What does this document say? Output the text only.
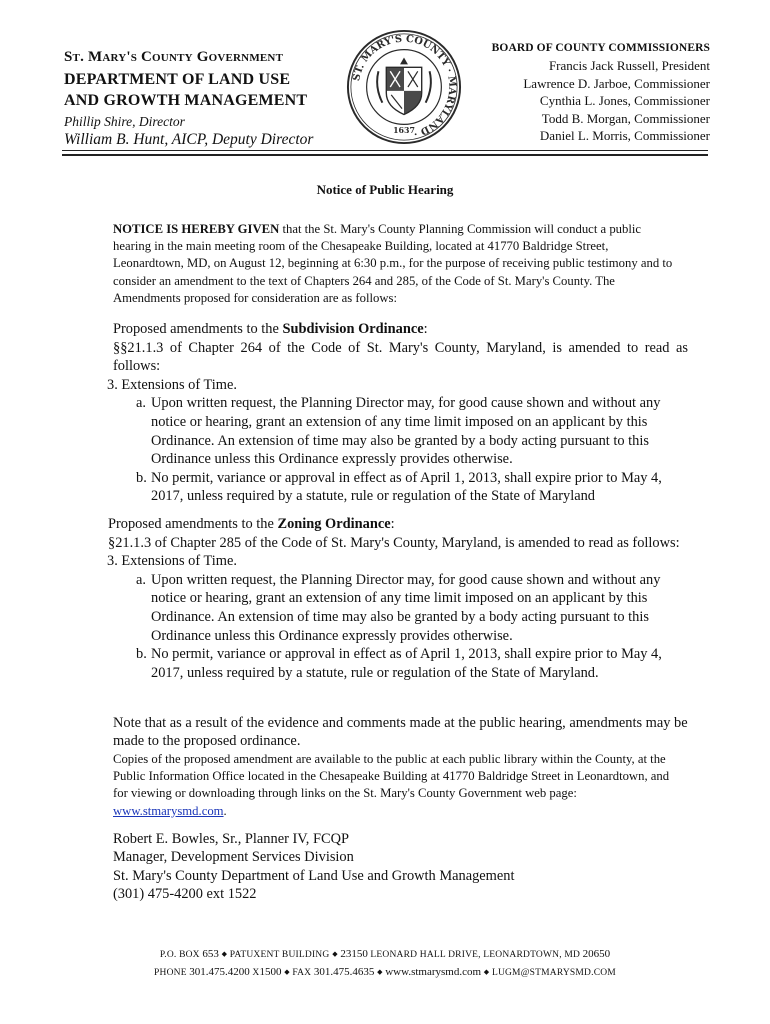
St. Mary's County Government
DEPARTMENT OF LAND USE
AND GROWTH MANAGEMENT
Phillip Shire, Director
William B. Hunt, AICP, Deputy Director
ST. MARY'S COUNTY · MARYLAND ·
1637
BOARD OF COUNTY COMMISSIONERS
Francis Jack Russell, President
Lawrence D. Jarboe, Commissioner
Cynthia L. Jones, Commissioner
Todd B. Morgan, Commissioner
Daniel L. Morris, Commissioner
Notice of Public Hearing

NOTICE IS HEREBY GIVEN that the St. Mary's County Planning Commission will conduct a public hearing in the main meeting room of the Chesapeake Building, located at 41770 Baldridge Street, Leonardtown, MD, on August 12, beginning at 6:30 p.m., for the purpose of receiving public testimony and to consider an amendment to the text of Chapters 264 and 285, of the Code of St. Mary's County. The Amendments proposed for consideration are as follows:

Proposed amendments to the Subdivision Ordinance:
§§21.1.3 of Chapter 264 of the Code of St. Mary's County, Maryland, is amended to read as follows:
3. Extensions of Time.
a. Upon written request, the Planning Director may, for good cause shown and without any notice or hearing, grant an extension of any time limit imposed on an applicant by this Ordinance. An extension of time may also be granted by a body acting pursuant to this Ordinance unless this Ordinance expressly provides otherwise.
b. No permit, variance or approval in effect as of April 1, 2013, shall expire prior to May 4, 2017, unless required by a statute, rule or regulation of the State of Maryland
Proposed amendments to the Zoning Ordinance:
§21.1.3 of Chapter 285 of the Code of St. Mary's County, Maryland, is amended to read as follows:
3. Extensions of Time.
a. Upon written request, the Planning Director may, for good cause shown and without any notice or hearing, grant an extension of any time limit imposed on an applicant by this Ordinance. An extension of time may also be granted by a body acting pursuant to this Ordinance unless this Ordinance expressly provides otherwise.
b. No permit, variance or approval in effect as of April 1, 2013, shall expire prior to May 4, 2017, unless required by a statute, rule or regulation of the State of Maryland.

Note that as a result of the evidence and comments made at the public hearing, amendments may be made to the proposed ordinance.

Copies of the proposed amendment are available to the public at each public library within the County, at the Public Information Office located in the Chesapeake Building at 41770 Baldridge Street in Leonardtown, and for viewing or downloading through links on the St. Mary's County Government web page: www.stmarysmd.com.

Robert E. Bowles, Sr., Planner IV, FCQP
Manager, Development Services Division
St. Mary's County Department of Land Use and Growth Management
(301) 475-4200 ext 1522
P.O. BOX 653 ◆ PATUXENT BUILDING ◆ 23150 LEONARD HALL DRIVE, LEONARDTOWN, MD 20650
PHONE 301.475.4200 X1500 ◆ FAX 301.475.4635 ◆ www.stmarysmd.com ◆ LUGM@STMARYSMD.COM
